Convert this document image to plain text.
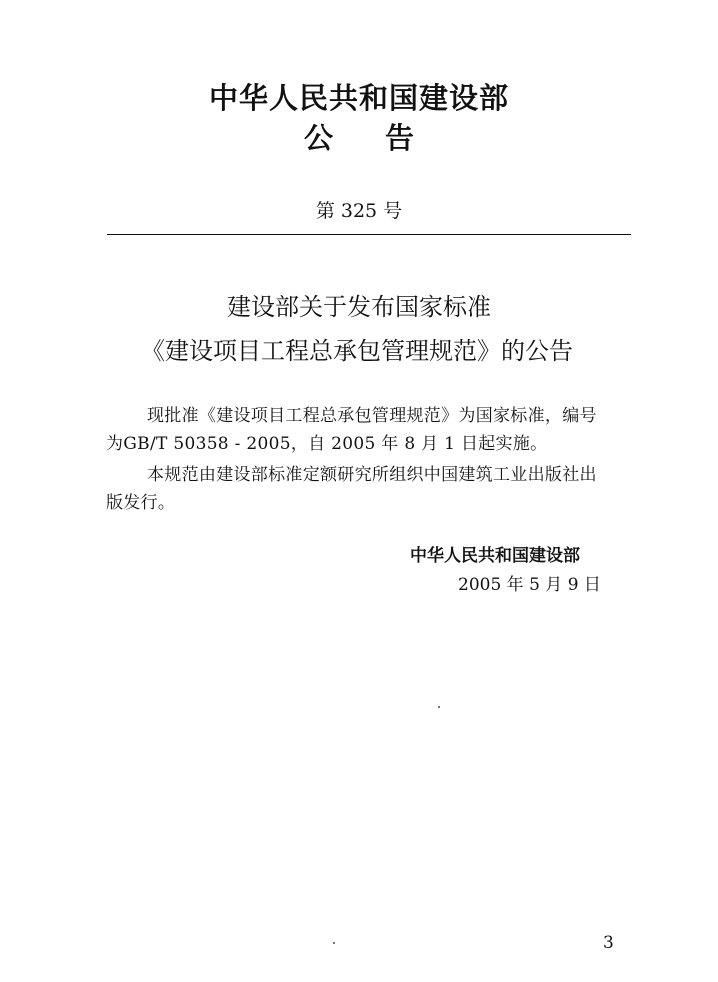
中华人民共和国建设部
公告
第 325 号
建设部关于发布国家标准
《建设项目工程总承包管理规范》的公告
现批准《建设项目工程总承包管理规范》为国家标准，编号
为GB/T 50358 - 2005，自 2005 年 8 月 1 日起实施。
本规范由建设部标准定额研究所组织中国建筑工业出版社出
版发行。
中华人民共和国建设部
2005 年 5 月 9 日
3
